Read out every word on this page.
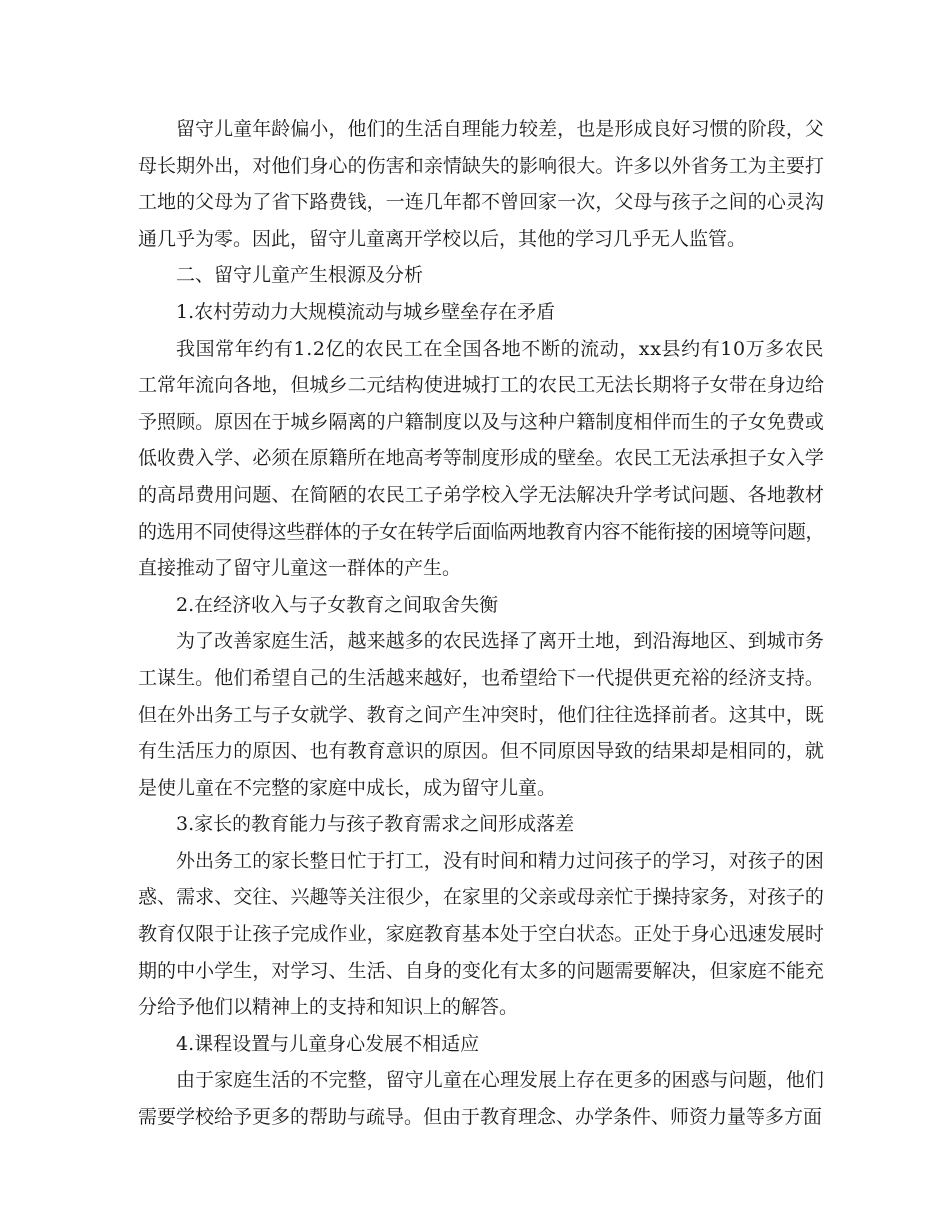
留守儿童年龄偏小，他们的生活自理能力较差，也是形成良好习惯的阶段，父
母长期外出，对他们身心的伤害和亲情缺失的影响很大。许多以外省务工为主要打
工地的父母为了省下路费钱，一连几年都不曾回家一次，父母与孩子之间的心灵沟
通几乎为零。因此，留守儿童离开学校以后，其他的学习几乎无人监管。
二、留守儿童产生根源及分析
1.农村劳动力大规模流动与城乡壁垒存在矛盾
我国常年约有1.2亿的农民工在全国各地不断的流动，xx县约有10万多农民
工常年流向各地，但城乡二元结构使进城打工的农民工无法长期将子女带在身边给
予照顾。原因在于城乡隔离的户籍制度以及与这种户籍制度相伴而生的子女免费或
低收费入学、必须在原籍所在地高考等制度形成的壁垒。农民工无法承担子女入学
的高昂费用问题、在简陋的农民工子弟学校入学无法解决升学考试问题、各地教材
的选用不同使得这些群体的子女在转学后面临两地教育内容不能衔接的困境等问题，
直接推动了留守儿童这一群体的产生。
2.在经济收入与子女教育之间取舍失衡
为了改善家庭生活，越来越多的农民选择了离开土地，到沿海地区、到城市务
工谋生。他们希望自己的生活越来越好，也希望给下一代提供更充裕的经济支持。
但在外出务工与子女就学、教育之间产生冲突时，他们往往选择前者。这其中，既
有生活压力的原因、也有教育意识的原因。但不同原因导致的结果却是相同的，就
是使儿童在不完整的家庭中成长，成为留守儿童。
3.家长的教育能力与孩子教育需求之间形成落差
外出务工的家长整日忙于打工，没有时间和精力过问孩子的学习，对孩子的困
惑、需求、交往、兴趣等关注很少，在家里的父亲或母亲忙于操持家务，对孩子的
教育仅限于让孩子完成作业，家庭教育基本处于空白状态。正处于身心迅速发展时
期的中小学生，对学习、生活、自身的变化有太多的问题需要解决，但家庭不能充
分给予他们以精神上的支持和知识上的解答。
4.课程设置与儿童身心发展不相适应
由于家庭生活的不完整，留守儿童在心理发展上存在更多的困惑与问题，他们
需要学校给予更多的帮助与疏导。但由于教育理念、办学条件、师资力量等多方面
